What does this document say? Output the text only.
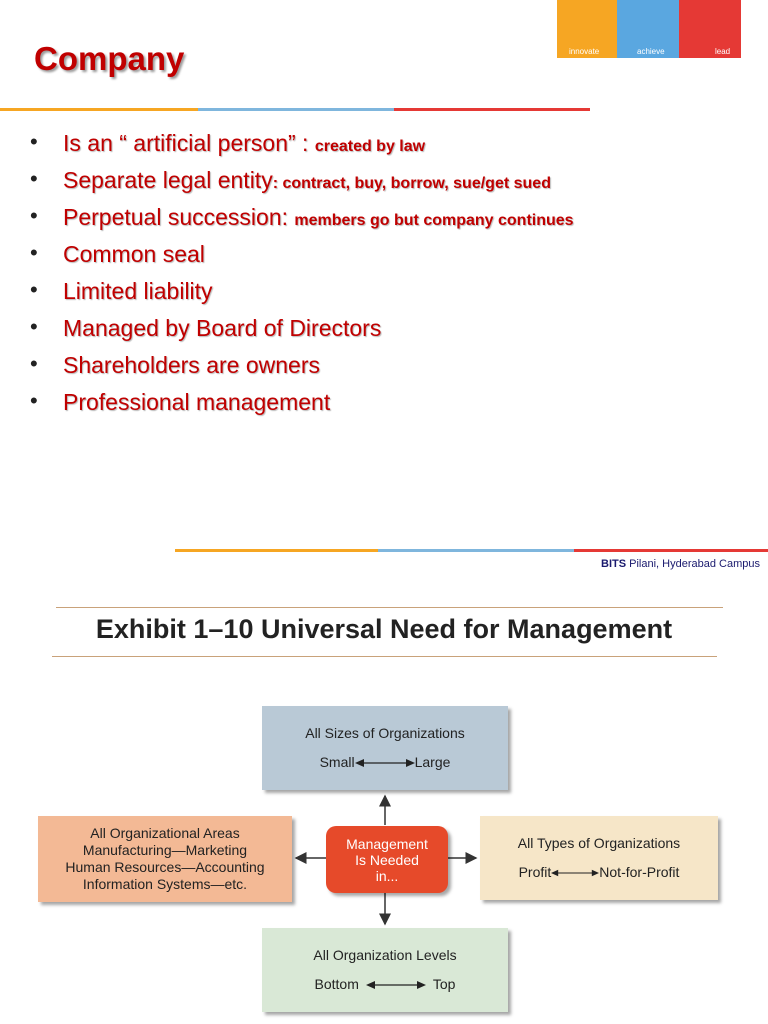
innovate	achieve	lead
Company
• Is an “ artificial person” : created by law
• Separate legal entity: contract, buy, borrow, sue/get sued
• Perpetual succession: members go but company continues
• Common seal
• Limited liability
• Managed by Board of Directors
• Shareholders are owners
• Professional management
BITS Pilani, Hyderabad Campus
Exhibit 1–10 Universal Need for Management
All Sizes of Organizations
Small	Large
All Organizational Areas
Manufacturing—Marketing
Human Resources—Accounting
Information Systems—etc.
Management
Is Needed
in...
All Types of Organizations
Profit	Not-for-Profit
All Organization Levels
Bottom	Top
